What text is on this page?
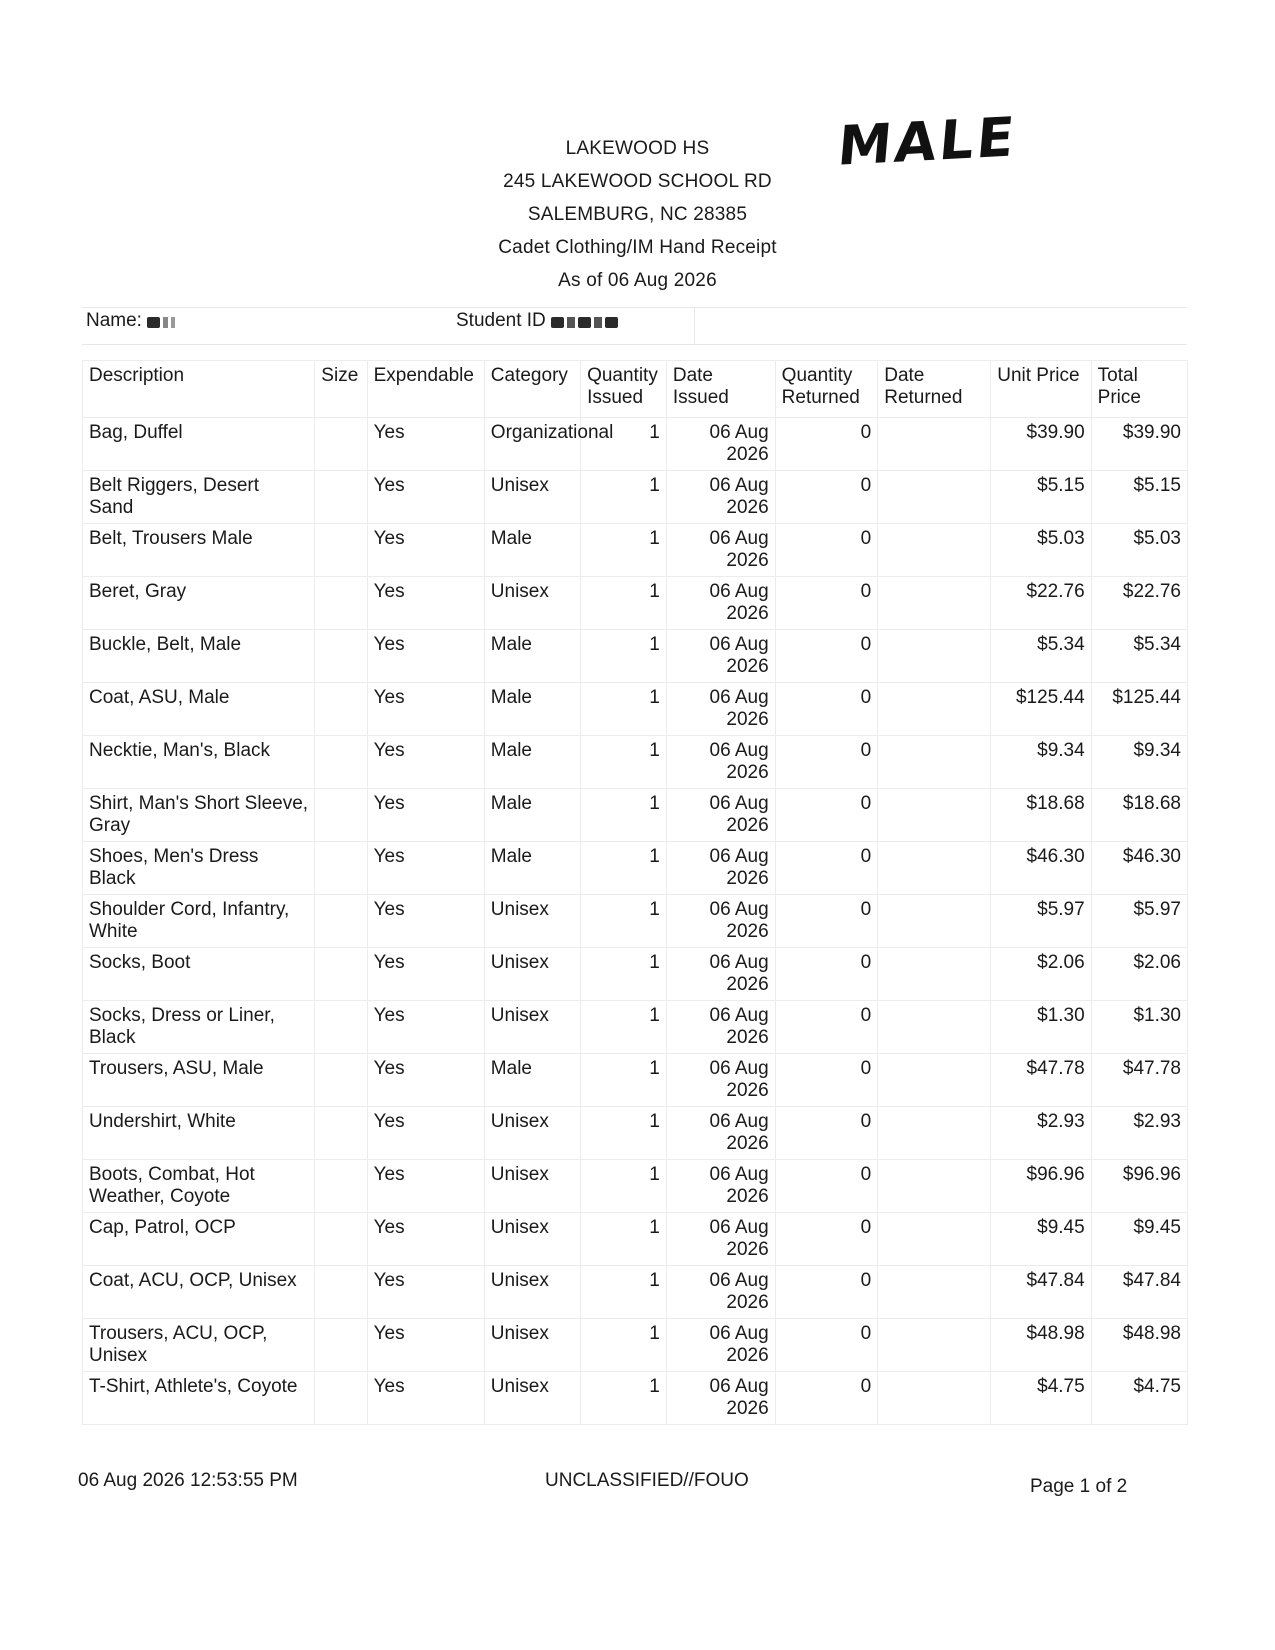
LAKEWOOD HS
245 LAKEWOOD SCHOOL RD
SALEMBURG, NC 28385
Cadet Clothing/IM Hand Receipt
As of 06 Aug 2026
MALE
Name:	Student ID
Description	Size	Expendable	Category	Quantity Issued	Date Issued	Quantity Returned	Date Returned	Unit Price	Total Price
Bag, Duffel		Yes	Organizational	1	06 Aug 2026	0		$39.90	$39.90
Belt Riggers, Desert Sand		Yes	Unisex	1	06 Aug 2026	0		$5.15	$5.15
Belt, Trousers Male		Yes	Male	1	06 Aug 2026	0		$5.03	$5.03
Beret, Gray		Yes	Unisex	1	06 Aug 2026	0		$22.76	$22.76
Buckle, Belt, Male		Yes	Male	1	06 Aug 2026	0		$5.34	$5.34
Coat, ASU, Male		Yes	Male	1	06 Aug 2026	0		$125.44	$125.44
Necktie, Man's, Black		Yes	Male	1	06 Aug 2026	0		$9.34	$9.34
Shirt, Man's Short Sleeve, Gray		Yes	Male	1	06 Aug 2026	0		$18.68	$18.68
Shoes, Men's Dress Black		Yes	Male	1	06 Aug 2026	0		$46.30	$46.30
Shoulder Cord, Infantry, White		Yes	Unisex	1	06 Aug 2026	0		$5.97	$5.97
Socks, Boot		Yes	Unisex	1	06 Aug 2026	0		$2.06	$2.06
Socks, Dress or Liner, Black		Yes	Unisex	1	06 Aug 2026	0		$1.30	$1.30
Trousers, ASU, Male		Yes	Male	1	06 Aug 2026	0		$47.78	$47.78
Undershirt, White		Yes	Unisex	1	06 Aug 2026	0		$2.93	$2.93
Boots, Combat, Hot Weather, Coyote		Yes	Unisex	1	06 Aug 2026	0		$96.96	$96.96
Cap, Patrol, OCP		Yes	Unisex	1	06 Aug 2026	0		$9.45	$9.45
Coat, ACU, OCP, Unisex		Yes	Unisex	1	06 Aug 2026	0		$47.84	$47.84
Trousers, ACU, OCP, Unisex		Yes	Unisex	1	06 Aug 2026	0		$48.98	$48.98
T-Shirt, Athlete's, Coyote		Yes	Unisex	1	06 Aug 2026	0		$4.75	$4.75
06 Aug 2026 12:53:55 PM	UNCLASSIFIED//FOUO	Page 1 of 2
